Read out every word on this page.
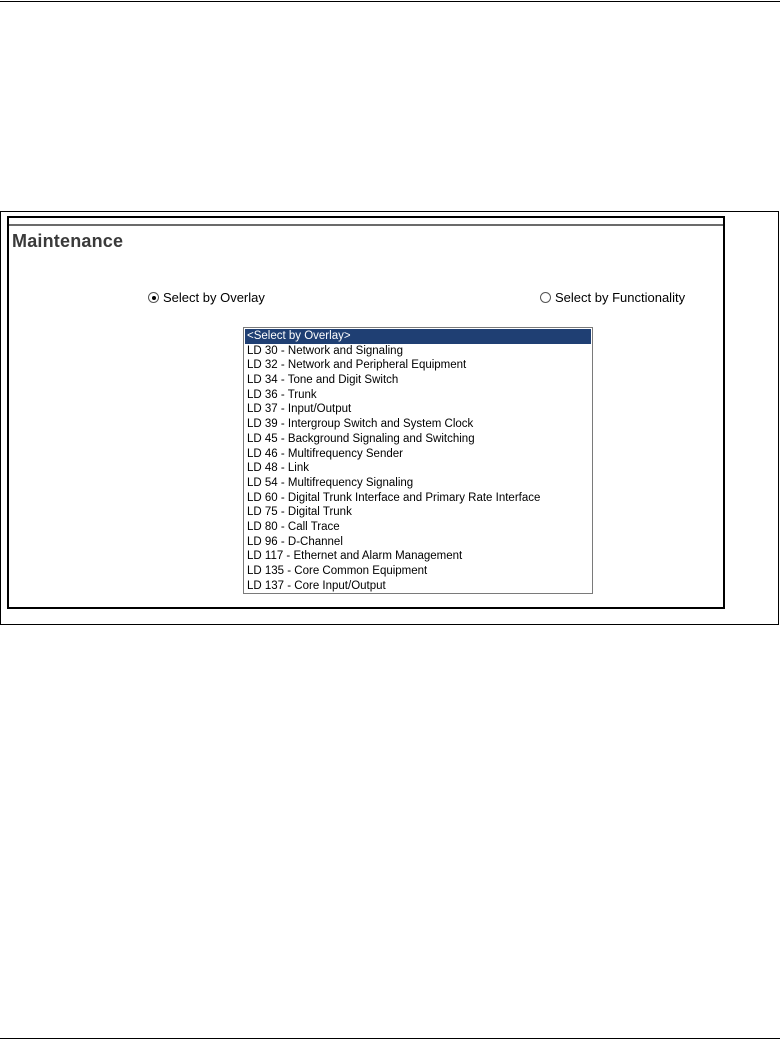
Maintenance
Select by Overlay	Select by Functionality
<Select by Overlay>
LD 30 - Network and Signaling
LD 32 - Network and Peripheral Equipment
LD 34 - Tone and Digit Switch
LD 36 - Trunk
LD 37 - Input/Output
LD 39 - Intergroup Switch and System Clock
LD 45 - Background Signaling and Switching
LD 46 - Multifrequency Sender
LD 48 - Link
LD 54 - Multifrequency Signaling
LD 60 - Digital Trunk Interface and Primary Rate Interface
LD 75 - Digital Trunk
LD 80 - Call Trace
LD 96 - D-Channel
LD 117 - Ethernet and Alarm Management
LD 135 - Core Common Equipment
LD 137 - Core Input/Output
